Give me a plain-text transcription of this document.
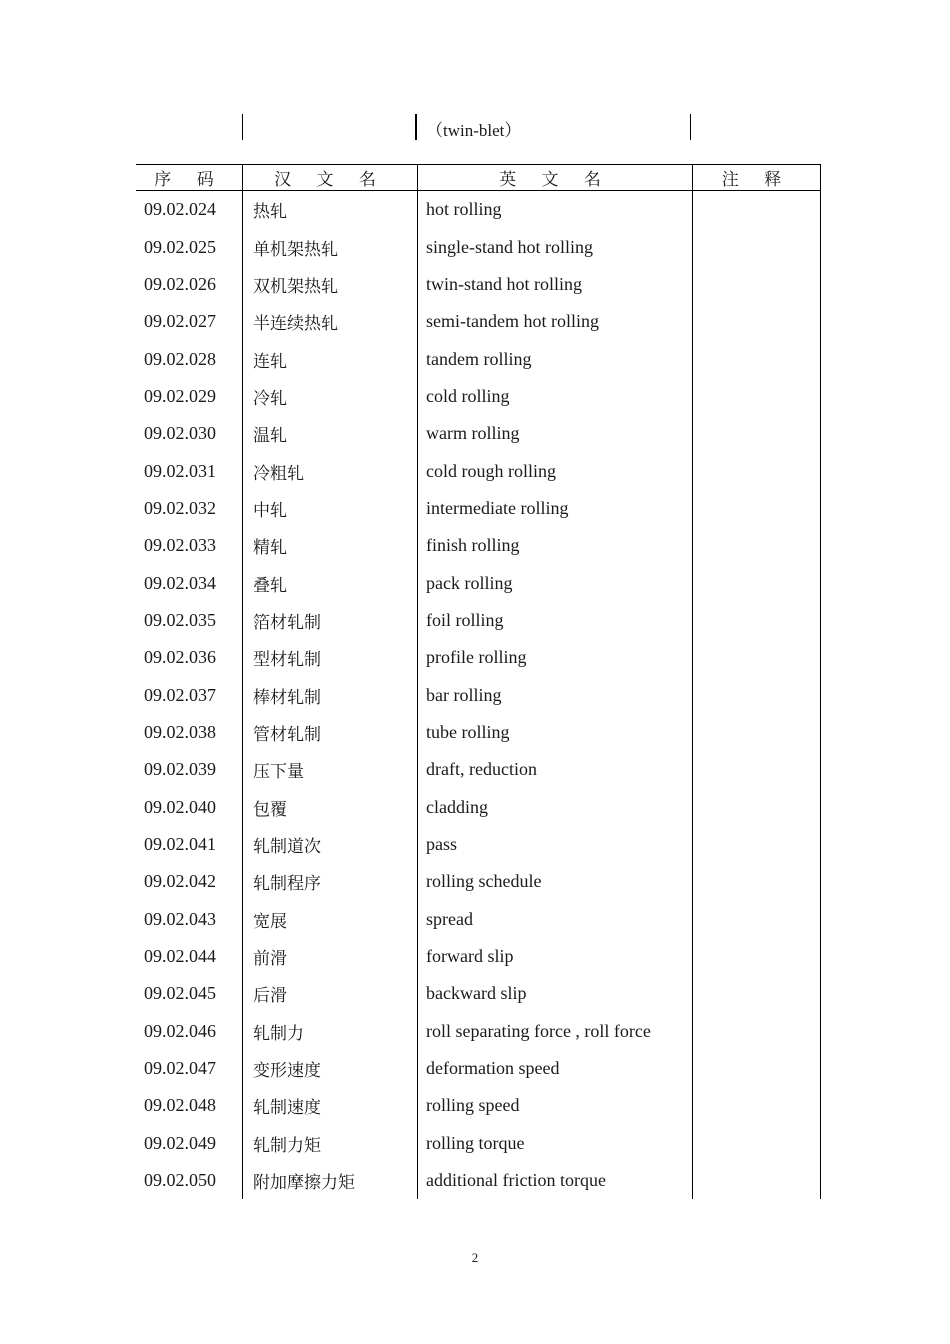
（twin-blet）
序 码	汉 文 名	英 文 名	注 释
09.02.024	热轧	hot rolling	
09.02.025	单机架热轧	single-stand hot rolling	
09.02.026	双机架热轧	twin-stand hot rolling	
09.02.027	半连续热轧	semi-tandem hot rolling	
09.02.028	连轧	tandem rolling	
09.02.029	冷轧	cold rolling	
09.02.030	温轧	warm rolling	
09.02.031	冷粗轧	cold rough rolling	
09.02.032	中轧	intermediate rolling	
09.02.033	精轧	finish rolling	
09.02.034	叠轧	pack rolling	
09.02.035	箔材轧制	foil rolling	
09.02.036	型材轧制	profile rolling	
09.02.037	棒材轧制	bar rolling	
09.02.038	管材轧制	tube rolling	
09.02.039	压下量	draft, reduction	
09.02.040	包覆	cladding	
09.02.041	轧制道次	pass	
09.02.042	轧制程序	rolling schedule	
09.02.043	宽展	spread	
09.02.044	前滑	forward slip	
09.02.045	后滑	backward slip	
09.02.046	轧制力	roll separating force , roll force	
09.02.047	变形速度	deformation speed	
09.02.048	轧制速度	rolling speed	
09.02.049	轧制力矩	rolling torque	
09.02.050	附加摩擦力矩	additional friction torque	
2
